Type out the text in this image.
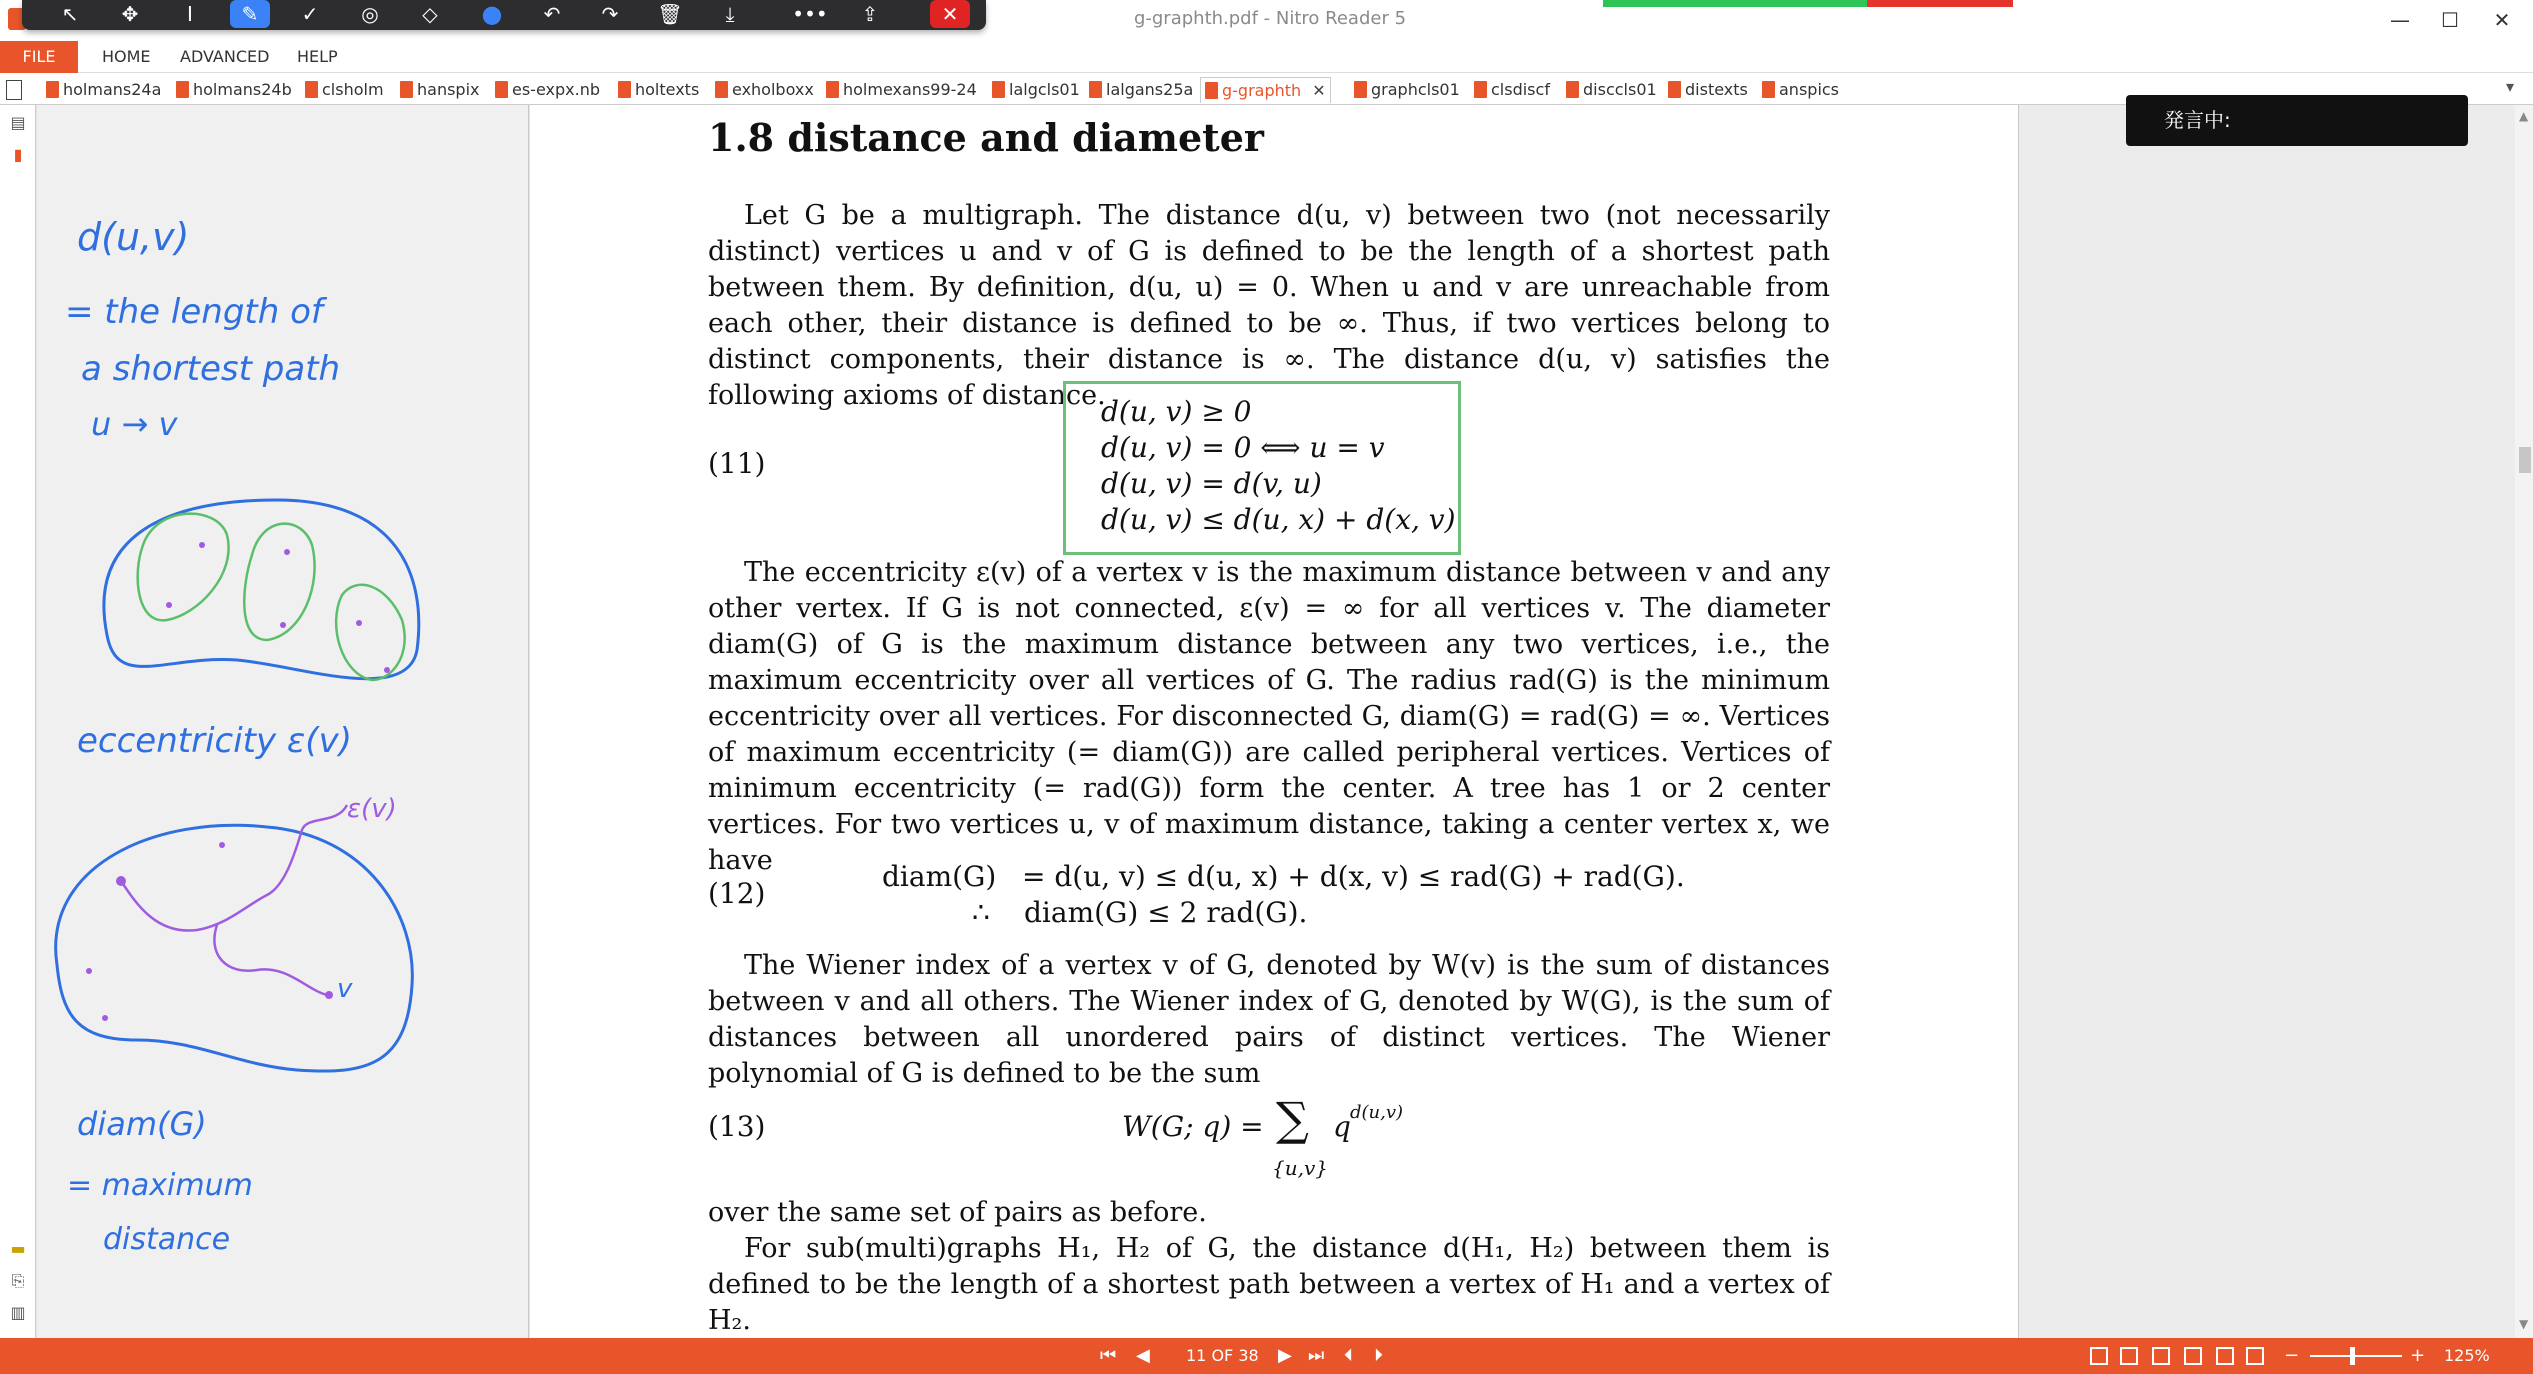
g-graphth.pdf - Nitro Reader 5	—	☐	✕
↖	✥	I	✎	✓	◎	◇	●	↶	↷	🗑	⤓	•••	⇪	✕
FILE	HOME	ADVANCED	HELP
holmans24a	holmans24b	clsholm	hanspix	es-expx.nb	holtexts	exholboxx	holmexans99-24	lalgcls01	lalgans25a	g-graphth ✕	graphcls01	clsdiscf	disccls01	distexts	anspics	▾
▤
▮
▬
⎘
▥
d(u,v)
= the length of
a shortest path
u → v
eccentricity ε(v)
diam(G)
= maximum
distance
ε(v)
v
1.8 distance and diameter
Let G be a multigraph. The distance d(u, v) between two (not necessarily distinct) vertices u and v of G is defined to be the length of a shortest path between them. By definition, d(u, u) = 0. When u and v are unreachable from each other, their distance is defined to be ∞. Thus, if two vertices belong to distinct components, their distance is ∞. The distance d(u, v) satisfies the following axioms of distance.
(11)
d(u, v) ≥ 0
d(u, v) = 0 ⟺ u = v
d(u, v) = d(v, u)
d(u, v) ≤ d(u, x) + d(x, v)
The eccentricity ε(v) of a vertex v is the maximum distance between v and any other vertex. If G is not connected, ε(v) = ∞ for all vertices v. The diameter diam(G) of G is the maximum distance between any two vertices, i.e., the maximum eccentricity over all vertices of G. The radius rad(G) is the minimum eccentricity over all vertices. For disconnected G, diam(G) = rad(G) = ∞. Vertices of maximum eccentricity (= diam(G)) are called peripheral vertices. Vertices of minimum eccentricity (= rad(G)) form the center. A tree has 1 or 2 center vertices. For two vertices u, v of maximum distance, taking a center vertex x, we have
(12)
diam(G) = d(u, v) ≤ d(u, x) + d(x, v) ≤ rad(G) + rad(G).
∴ diam(G) ≤ 2 rad(G).
The Wiener index of a vertex v of G, denoted by W(v) is the sum of distances between v and all others. The Wiener index of G, denoted by W(G), is the sum of distances between all unordered pairs of distinct vertices. The Wiener polynomial of G is defined to be the sum
(13)	W(G; q) = ∑
{u,v}
q d(u,v)
over the same set of pairs as before.
For sub(multi)graphs H₁, H₂ of G, the distance d(H₁, H₂) between them is defined to be the length of a shortest path between a vertex of H₁ and a vertex of H₂.
発言中:	▲
▼
⏮ ◀ 11 OF 38 ▶ ⏭ ⏴ ⏵	−	+ 125%
